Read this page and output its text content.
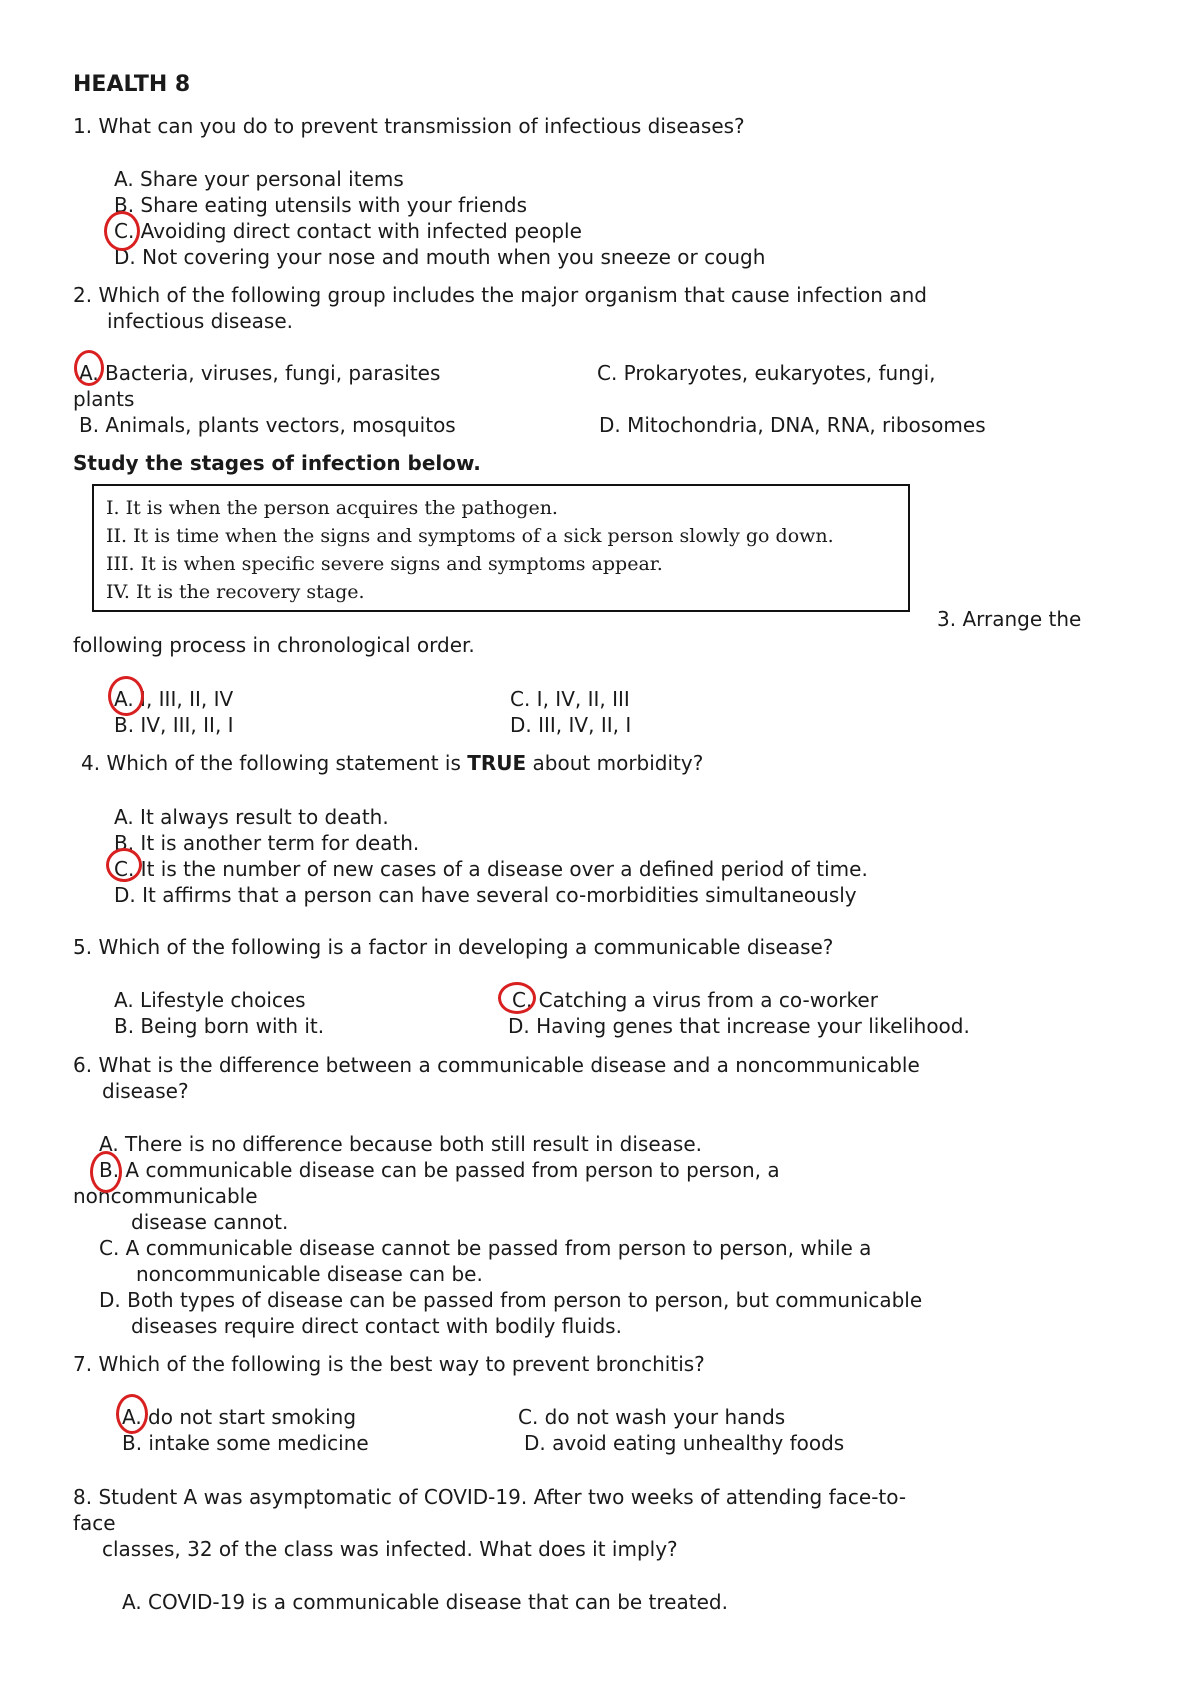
HEALTH 8
1. What can you do to prevent transmission of infectious diseases?
A. Share your personal items
B. Share eating utensils with your friends
C. Avoiding direct contact with infected people
D. Not covering your nose and mouth when you sneeze or cough
2. Which of the following group includes the major organism that cause infection and
infectious disease.
A. Bacteria, viruses, fungi, parasites	C. Prokaryotes, eukaryotes, fungi,
plants
B. Animals, plants vectors, mosquitos	D. Mitochondria, DNA, RNA, ribosomes
Study the stages of infection below.
I. It is when the person acquires the pathogen.
II. It is time when the signs and symptoms of a sick person slowly go down.
III. It is when specific severe signs and symptoms appear.
IV. It is the recovery stage.
3. Arrange the
following process in chronological order.
A. I, III, II, IV	C. I, IV, II, III
B. IV, III, II, I	D. III, IV, II, I
4. Which of the following statement is TRUE about morbidity?
A. It always result to death.
B. It is another term for death.
C. It is the number of new cases of a disease over a defined period of time.
D. It affirms that a person can have several co-morbidities simultaneously
5. Which of the following is a factor in developing a communicable disease?
A. Lifestyle choices	C. Catching a virus from a co-worker
B. Being born with it.	D. Having genes that increase your likelihood.
6. What is the difference between a communicable disease and a noncommunicable
disease?
A. There is no difference because both still result in disease.
B. A communicable disease can be passed from person to person, a
noncommunicable
disease cannot.
C. A communicable disease cannot be passed from person to person, while a
noncommunicable disease can be.
D. Both types of disease can be passed from person to person, but communicable
diseases require direct contact with bodily fluids.
7. Which of the following is the best way to prevent bronchitis?
A. do not start smoking	C. do not wash your hands
B. intake some medicine	D. avoid eating unhealthy foods
8. Student A was asymptomatic of COVID-19. After two weeks of attending face-to-
face
classes, 32 of the class was infected. What does it imply?
A. COVID-19 is a communicable disease that can be treated.
